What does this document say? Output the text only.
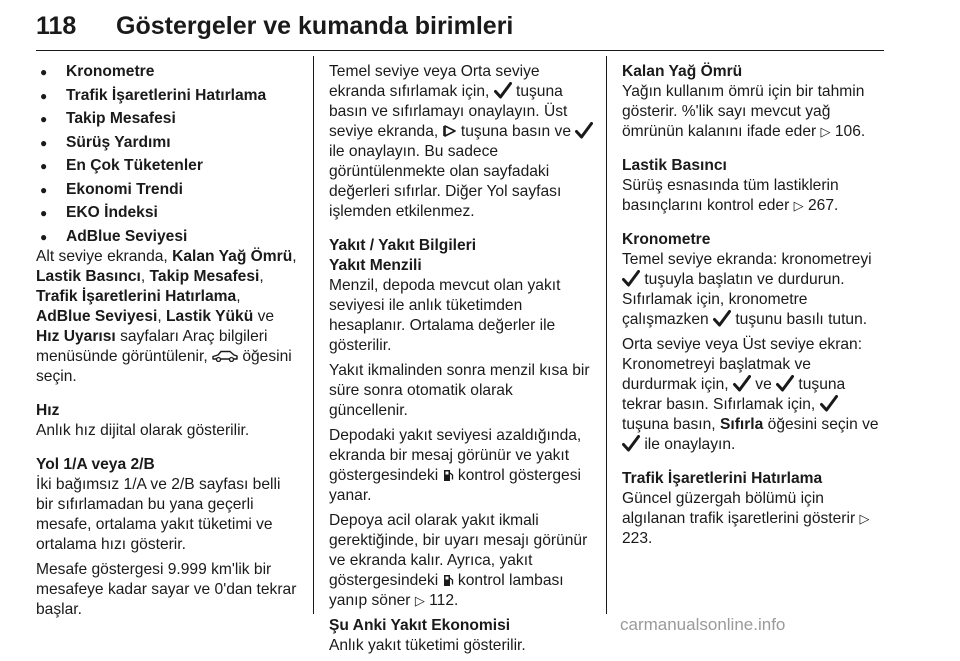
118 Göstergeler ve kumanda birimleri
● Kronometre
● Trafik İşaretlerini Hatırlama
● Takip Mesafesi
● Sürüş Yardımı
● En Çok Tüketenler
● Ekonomi Trendi
● EKO İndeksi
● AdBlue Seviyesi

Alt seviye ekranda, Kalan Yağ Ömrü, Lastik Basıncı, Takip Mesafesi, Trafik İşaretlerini Hatırlama, AdBlue Seviyesi, Lastik Yükü ve Hız Uyarısı sayfaları Araç bilgileri menüsünde görüntülenir,
öğesini seçin.

Hız

Anlık hız dijital olarak gösterilir.

Yol 1/A veya 2/B

İki bağımsız 1/A ve 2/B sayfası belli bir sıfırlamadan bu yana geçerli mesafe, ortalama yakıt tüketimi ve ortalama hızı gösterir.

Mesafe göstergesi 9.999 km'lik bir mesafeye kadar sayar ve 0'dan tekrar başlar.

Temel seviye veya Orta seviye ekranda sıfırlamak için,
tuşuna basın ve sıfırlamayı onaylayın. Üst seviye ekranda,
tuşuna basın ve
ile onaylayın. Bu sadece görüntülenmekte olan sayfadaki değerleri sıfırlar. Diğer Yol sayfası işlemden etkilenmez.

Yakıt / Yakıt Bilgileri
Yakıt Menzili

Menzil, depoda mevcut olan yakıt seviyesi ile anlık tüketimden hesaplanır. Ortalama değerler ile gösterilir.

Yakıt ikmalinden sonra menzil kısa bir süre sonra otomatik olarak güncellenir.

Depodaki yakıt seviyesi azaldığında, ekranda bir mesaj görünür ve yakıt göstergesindeki
kontrol göstergesi yanar.

Depoya acil olarak yakıt ikmali gerektiğinde, bir uyarı mesajı görünür ve ekranda kalır. Ayrıca, yakıt göstergesindeki
kontrol lambası yanıp söner ▷ 112.

Şu Anki Yakıt Ekonomisi

Anlık yakıt tüketimi gösterilir.

Kalan Yağ Ömrü

Yağın kullanım ömrü için bir tahmin gösterir. %'lik sayı mevcut yağ ömrünün kalanını ifade eder ▷ 106.

Lastik Basıncı

Sürüş esnasında tüm lastiklerin basınçlarını kontrol eder ▷ 267.

Kronometre

Temel seviye ekranda: kronometreyi
tuşuyla başlatın ve durdurun. Sıfırlamak için, kronometre çalışmazken
tuşunu basılı tutun.

Orta seviye veya Üst seviye ekran: Kronometreyi başlatmak ve durdurmak için,
ve
tuşuna tekrar basın. Sıfırlamak için,
tuşuna basın, Sıfırla öğesini seçin ve
ile onaylayın.

Trafik İşaretlerini Hatırlama

Güncel güzergah bölümü için algılanan trafik işaretlerini gösterir ▷ 223.

carmanualsonline.info
